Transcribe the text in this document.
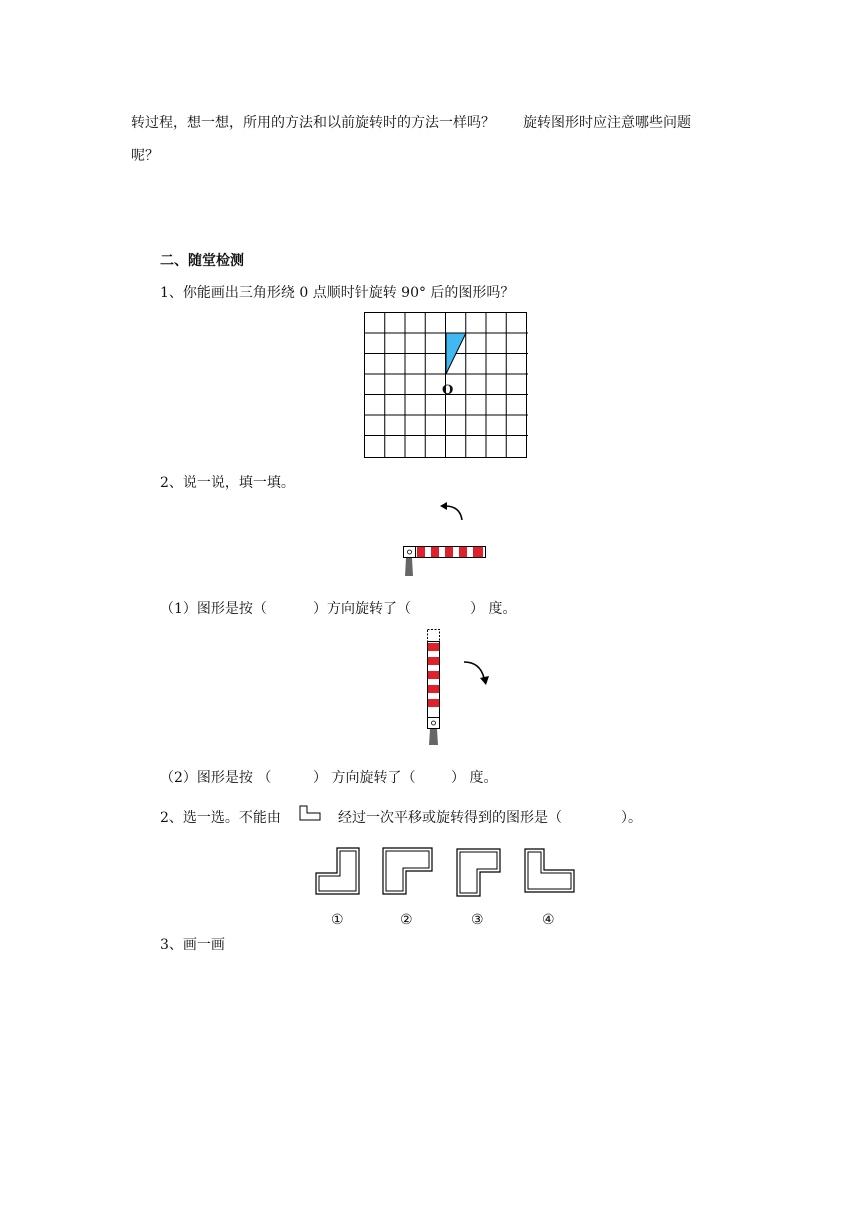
转过程，想一想，所用的方法和以前旋转时的方法一样吗？　　旋转图形时应注意哪些问题
呢？
二、随堂检测
1、你能画出三角形绕 0 点顺时针旋转 90° 后的图形吗？
O
2、说一说，填一填。
（1）图形是按（	）方向旋转了（	） 度。
（2）图形是按 （	） 方向旋转了（	） 度。
2、选一选。不能由	经过一次平移或旋转得到的图形是（	）。
①	②	③	④
3、画一画
